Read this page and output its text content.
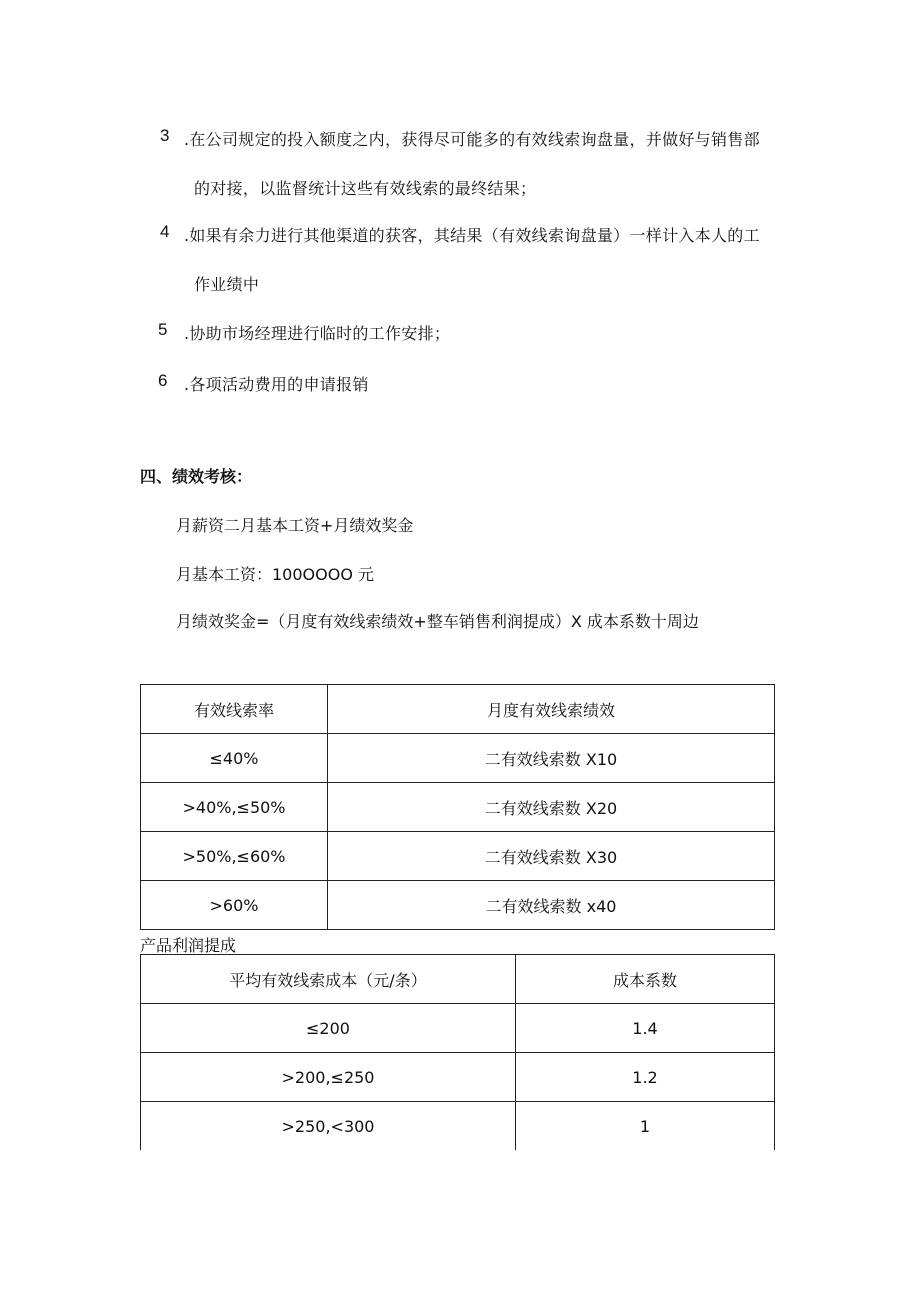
3 .在公司规定的投入额度之内，获得尽可能多的有效线索询盘量，并做好与销售部
的对接，以监督统计这些有效线索的最终结果；
4 .如果有余力进行其他渠道的获客，其结果（有效线索询盘量）一样计入本人的工
作业绩中
5 .协助市场经理进行临时的工作安排；
6 .各项活动费用的申请报销
四、绩效考核：
月薪资二月基本工资+月绩效奖金
月基本工资：100OOOO 元
月绩效奖金=（月度有效线索绩效+整车销售利润提成）X 成本系数十周边
有效线索率	月度有效线索绩效
≤40%	二有效线索数 X10
>40%,≤50%	二有效线索数 X20
>50%,≤60%	二有效线索数 X30
>60%	二有效线索数 x40
产品利润提成
平均有效线索成本（元/条）	成本系数
≤200	1.4
>200,≤250	1.2
>250,<300	1
